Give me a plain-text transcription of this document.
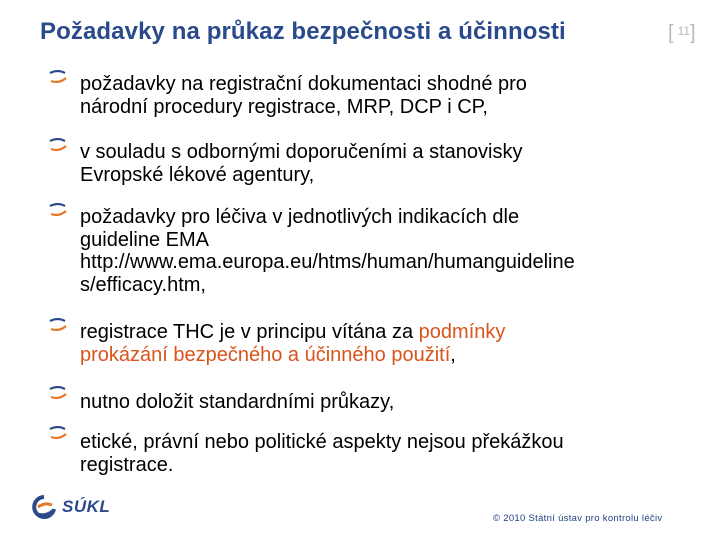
Požadavky na průkaz bezpečnosti a účinnosti	[$^{11}$]
požadavky na registrační dokumentaci shodné pro
národní procedury registrace, MRP, DCP i CP,
v souladu s odbornými doporučeními a stanovisky
Evropské lékové agentury,
požadavky pro léčiva v jednotlivých indikacích dle
guideline EMA
http://www.ema.europa.eu/htms/human/humanguideline
s/efficacy.htm,
registrace THC je v principu vítána za podmínky
prokázání bezpečného a účinného použití,
nutno doložit standardními průkazy,
etické, právní nebo politické aspekty nejsou překážkou
registrace.
SÚKL
© 2010 Státní ústav pro kontrolu léčiv
